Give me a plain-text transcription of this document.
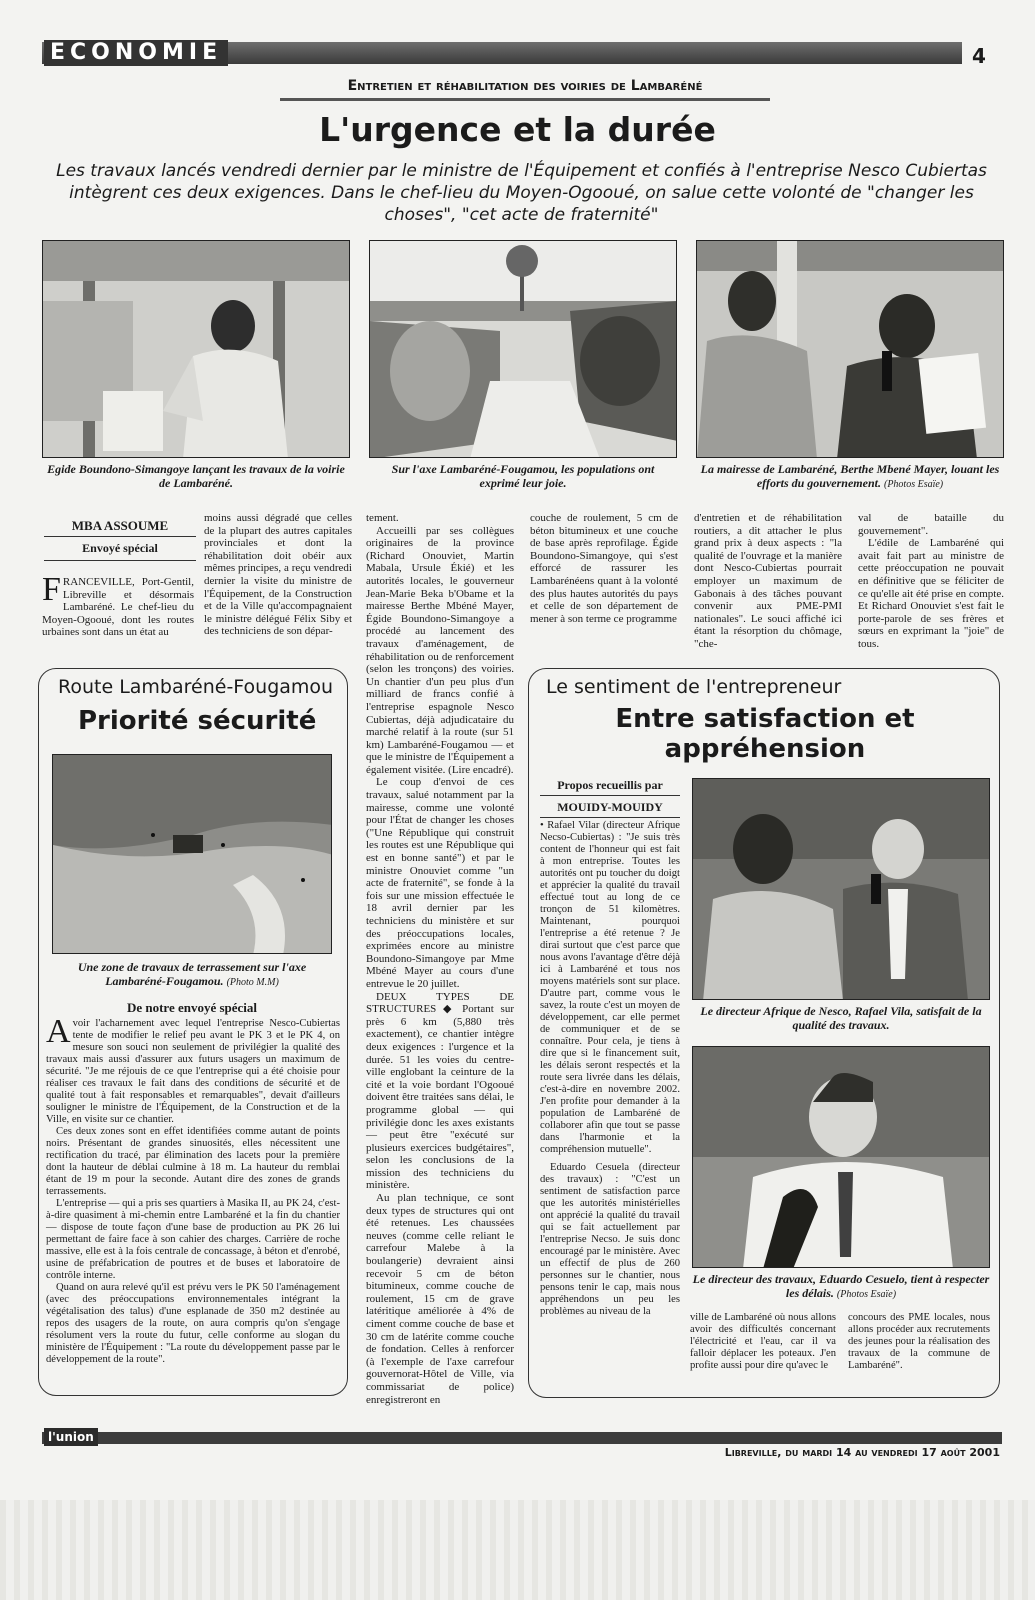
ECONOMIE	4
Entretien et réhabilitation des voiries de Lambaréné
L'urgence et la durée
Les travaux lancés vendredi dernier par le ministre de l'Équipement et confiés à l'entreprise Nesco Cubiertas intègrent ces deux exigences. Dans le chef-lieu du Moyen-Ogooué, on salue cette volonté de "changer les choses", "cet acte de fraternité"
Egide Boundono-Simangoye lançant les travaux de la voirie de Lambaréné.
Sur l'axe Lambaréné-Fougamou, les populations ont exprimé leur joie.
La mairesse de Lambaréné, Berthe Mbené Mayer, louant les efforts du gouvernement. (Photos Esaïe)
MBA ASSOUME
Envoyé spécial

FRANCEVILLE, Port-Gentil, Libreville et désormais Lambaréné. Le chef-lieu du Moyen-Ogooué, dont les routes urbaines sont dans un état au

moins aussi dégradé que celles de la plupart des autres capitales provinciales et dont la réhabilitation doit obéir aux mêmes principes, a reçu vendredi dernier la visite du ministre de l'Équipement, de la Construction et de la Ville qu'accompagnaient le ministre délégué Félix Siby et des techniciens de son dépar-

tement.

Accueilli par ses collègues originaires de la province (Richard Onouviet, Martin Mabala, Ursule Ékié) et les autorités locales, le gouverneur Jean-Marie Beka b'Obame et la mairesse Berthe Mbéné Mayer, Égide Boundono-Simangoye a procédé au lancement des travaux d'aménagement, de réhabilitation ou de renforcement (selon les tronçons) des voiries. Un chantier d'un peu plus d'un milliard de francs confié à l'entreprise espagnole Nesco Cubiertas, déjà adjudicataire du marché relatif à la route (sur 51 km) Lambaréné-Fougamou — et que le ministre de l'Équipement a également visitée. (Lire encadré).

Le coup d'envoi de ces travaux, salué notamment par la mairesse, comme une volonté pour l'État de changer les choses ("Une République qui construit les routes est une République qui est en bonne santé") et par le ministre Onouviet comme "un acte de fraternité", se fonde à la fois sur une mission effectuée le 18 avril dernier par les techniciens du ministère et sur des préoccupations locales, exprimées encore au ministre Boundono-Simangoye par Mme Mbéné Mayer au cours d'une entrevue le 20 juillet.

DEUX TYPES DE STRUCTURES ◆ Portant sur près 6 km (5,880 très exactement), ce chantier intègre deux exigences : l'urgence et la durée. 51 les voies du centre-ville englobant la ceinture de la cité et la voie bordant l'Ogooué doivent être traitées sans délai, le programme global — qui privilégie donc les axes existants — peut être "exécuté sur plusieurs exercices budgétaires", selon les conclusions de la mission des techniciens du ministère.

Au plan technique, ce sont deux types de structures qui ont été retenues. Les chaussées neuves (comme celle reliant le carrefour Malebe à la boulangerie) devraient ainsi recevoir 5 cm de béton bitumineux, comme couche de roulement, 15 cm de grave latéritique améliorée à 4% de ciment comme couche de base et 30 cm de latérite comme couche de fondation. Celles à renforcer (à l'exemple de l'axe carrefour gouvernorat-Hôtel de Ville, via commissariat de police) enregistreront en

couche de roulement, 5 cm de béton bitumineux et une couche de base après reprofilage. Égide Boundono-Simangoye, qui s'est efforcé de rassurer les Lambarénéens quant à la volonté des plus hautes autorités du pays et celle de son département de mener à son terme ce programme

d'entretien et de réhabilitation routiers, a dit attacher le plus grand prix à deux aspects : "la qualité de l'ouvrage et la manière dont Nesco-Cubiertas pourrait employer un maximum de Gabonais à des tâches pouvant convenir aux PME-PMI nationales". Le souci affiché ici étant la résorption du chômage, "che-

val de bataille du gouvernement".

L'édile de Lambaréné qui avait fait part au ministre de cette préoccupation ne pouvait en définitive que se féliciter de ce qu'elle ait été prise en compte. Et Richard Onouviet s'est fait le porte-parole de ses frères et sœurs en exprimant la "joie" de tous.

Route Lambaréné-Fougamou
Priorité sécurité
Une zone de travaux de terrassement sur l'axe Lambaréné-Fougamou. (Photo M.M)
De notre envoyé spécial

Avoir l'acharnement avec lequel l'entreprise Nesco-Cubiertas tente de modifier le relief peu avant le PK 3 et le PK 4, on mesure son souci non seulement de privilégier la qualité des travaux mais aussi d'assurer aux futurs usagers un maximum de sécurité. "Je me réjouis de ce que l'entreprise qui a été choisie pour réaliser ces travaux le fait dans des conditions de sécurité et de qualité tout à fait responsables et remarquables", devait d'ailleurs souligner le ministre de l'Équipement, de la Construction et de la Ville, en visite sur ce chantier.

Ces deux zones sont en effet identifiées comme autant de points noirs. Présentant de grandes sinuosités, elles nécessitent une rectification du tracé, par élimination des lacets pour la première dont la hauteur de déblai culmine à 18 m. La hauteur du remblai étant de 19 m pour la seconde. Autant dire des zones de grands terrassements.

L'entreprise — qui a pris ses quartiers à Masika II, au PK 24, c'est-à-dire quasiment à mi-chemin entre Lambaréné et la fin du chantier — dispose de toute façon d'une base de production au PK 26 lui permettant de faire face à son cahier des charges. Carrière de roche massive, elle est à la fois centrale de concassage, à béton et d'enrobé, usine de préfabrication de poutres et de buses et laboratoire de contrôle interne.

Quand on aura relevé qu'il est prévu vers le PK 50 l'aménagement (avec des préoccupations environnementales intégrant la végétalisation des talus) d'une esplanade de 350 m2 destinée au repos des usagers de la route, on aura compris qu'on s'engage résolument vers la route du futur, celle conforme au slogan du ministère de l'Équipement : "La route du développement passe par le développement de la route".

Le sentiment de l'entrepreneur
Entre satisfaction et
appréhension
Propos recueillis par
MOUIDY-MOUIDY

• Rafael Vilar (directeur Afrique Necso-Cubiertas) : "Je suis très content de l'honneur qui est fait à mon entreprise. Toutes les autorités ont pu toucher du doigt et apprécier la qualité du travail effectué tout au long de ce tronçon de 51 kilomètres. Maintenant, pourquoi l'entreprise a été retenue ? Je dirai surtout que c'est parce que nous avons l'avantage d'être déjà ici à Lambaréné et tous nos moyens matériels sont sur place. D'autre part, comme vous le savez, la route c'est un moyen de développement, car elle permet de communiquer et de se connaître. Pour cela, je tiens à dire que si le financement suit, les délais seront respectés et la route sera livrée dans les délais, c'est-à-dire en novembre 2002. J'en profite pour demander à la population de Lambaréné de collaborer afin que tout se passe dans l'harmonie et la compréhension mutuelle".

Eduardo Cesuela (directeur des travaux) : "C'est un sentiment de satisfaction parce que les autorités ministérielles ont apprécié la qualité du travail qui se fait actuellement par l'entreprise Necso. Je suis donc encouragé par le ministère. Avec un effectif de plus de 260 personnes sur le chantier, nous pensons tenir le cap, mais nous appréhendons un peu les problèmes au niveau de la

Le directeur Afrique de Nesco, Rafael Vila, satisfait de la qualité des travaux.
Le directeur des travaux, Eduardo Cesuelo, tient à respecter les délais. (Photos Esaïe)

ville de Lambaréné où nous allons avoir des difficultés concernant l'électricité et l'eau, car il va falloir déplacer les poteaux. J'en profite aussi pour dire qu'avec le

concours des PME locales, nous allons procéder aux recrutements des jeunes pour la réalisation des travaux de la commune de Lambaréné".

l'union
Libreville, du mardi 14 au vendredi 17 août 2001
